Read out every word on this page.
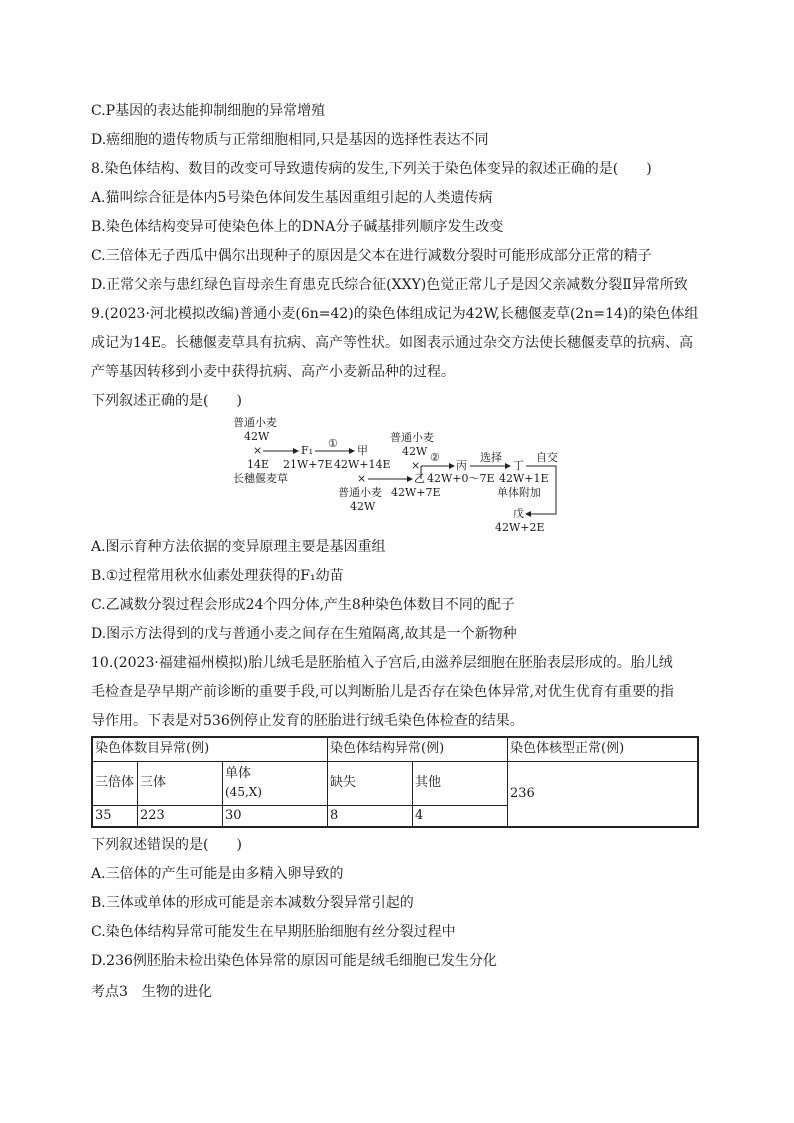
C.P基因的表达能抑制细胞的异常增殖
D.癌细胞的遗传物质与正常细胞相同,只是基因的选择性表达不同
8.染色体结构、数目的改变可导致遗传病的发生,下列关于染色体变异的叙述正确的是(　　)
A.猫叫综合征是体内5号染色体间发生基因重组引起的人类遗传病
B.染色体结构变异可使染色体上的DNA分子碱基排列顺序发生改变
C.三倍体无子西瓜中偶尔出现种子的原因是父本在进行减数分裂时可能形成部分正常的精子
D.正常父亲与患红绿色盲母亲生育患克氏综合征(XXY)色觉正常儿子是因父亲减数分裂Ⅱ异常所致
9.(2023·河北模拟改编)普通小麦(6n=42)的染色体组成记为42W,长穗偃麦草(2n=14)的染色体组
成记为14E。长穗偃麦草具有抗病、高产等性状。如图表示通过杂交方法使长穗偃麦草的抗病、高
产等基因转移到小麦中获得抗病、高产小麦新品种的过程。
下列叙述正确的是(　　)
普通小麦
42W
×
14E
长穗偃麦草
F₁
21W+7E
①
甲
42W+14E
×
普通小麦
42W
乙
42W+7E
普通小麦
42W
×
②
丙
42W+0～7E
选择
丁
42W+1E
单体附加
自交
戊
42W+2E
A.图示育种方法依据的变异原理主要是基因重组
B.①过程常用秋水仙素处理获得的F₁幼苗
C.乙减数分裂过程会形成24个四分体,产生8种染色体数目不同的配子
D.图示方法得到的戊与普通小麦之间存在生殖隔离,故其是一个新物种
10.(2023·福建福州模拟)胎儿绒毛是胚胎植入子宫后,由滋养层细胞在胚胎表层形成的。胎儿绒
毛检查是孕早期产前诊断的重要手段,可以判断胎儿是否存在染色体异常,对优生优育有重要的指
导作用。下表是对536例停止发育的胚胎进行绒毛染色体检查的结果。
染色体数目异常(例)			染色体结构异常(例)		染色体核型正常(例)
三倍体	三体	单体
(45,X)	缺失	其他	236
35	223	30	8	4	
下列叙述错误的是(　　)
A.三倍体的产生可能是由多精入卵导致的
B.三体或单体的形成可能是亲本减数分裂异常引起的
C.染色体结构异常可能发生在早期胚胎细胞有丝分裂过程中
D.236例胚胎未检出染色体异常的原因可能是绒毛细胞已发生分化
考点3　生物的进化
